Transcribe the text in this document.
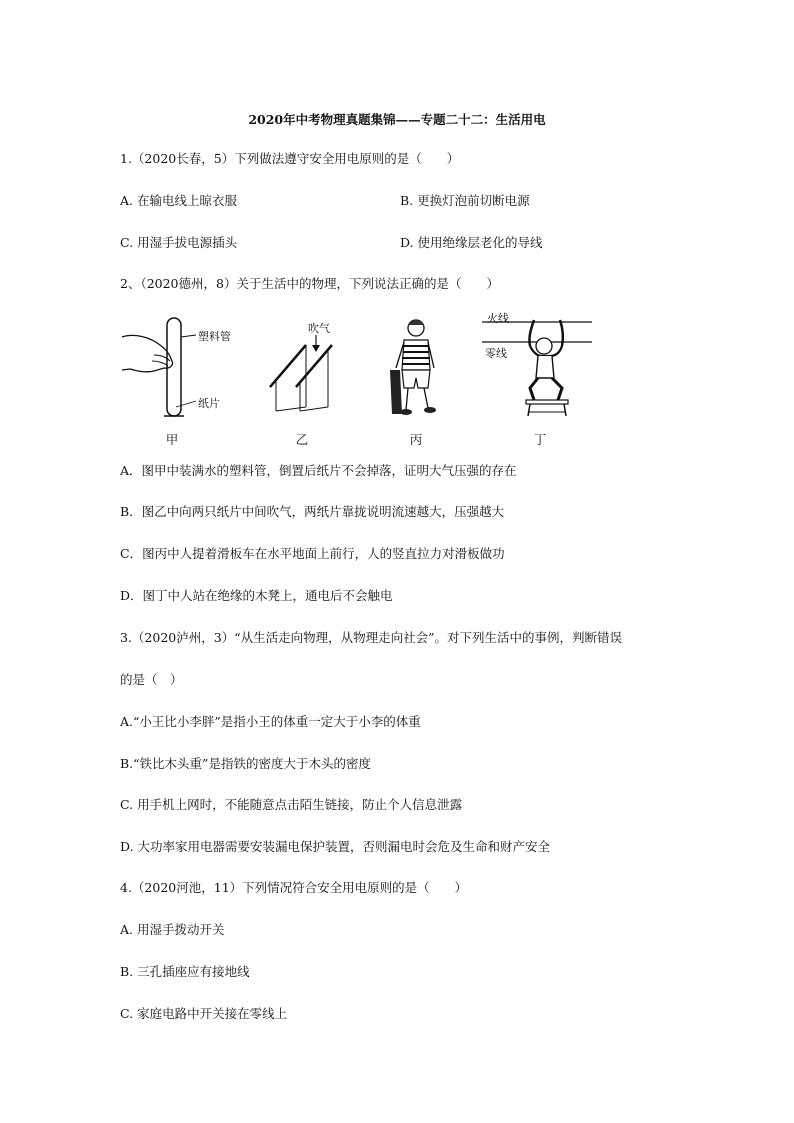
2020年中考物理真题集锦——专题二十二：生活用电
1.（2020长春，5）下列做法遵守安全用电原则的是（　　）
A. 在输电线上晾衣服	B. 更换灯泡前切断电源
C. 用湿手拔电源插头	D. 使用绝缘层老化的导线
2、（2020德州，8）关于生活中的物理，下列说法正确的是（　　）
塑料管
纸片
甲
吹气
乙	丙
火线
零线
丁
A．图甲中装满水的塑料管，倒置后纸片不会掉落，证明大气压强的存在
B．图乙中向两只纸片中间吹气，两纸片靠拢说明流速越大，压强越大
C．图丙中人提着滑板车在水平地面上前行，人的竖直拉力对滑板做功
D．图丁中人站在绝缘的木凳上，通电后不会触电
3.（2020泸州，3）“从生活走向物理，从物理走向社会”。对下列生活中的事例，判断错误
的是（　）
A.“小王比小李胖”是指小王的体重一定大于小李的体重
B.“铁比木头重”是指铁的密度大于木头的密度
C. 用手机上网时，不能随意点击陌生链接，防止个人信息泄露
D. 大功率家用电器需要安装漏电保护装置，否则漏电时会危及生命和财产安全
4.（2020河池，11）下列情况符合安全用电原则的是（　　）
A. 用湿手拨动开关
B. 三孔插座应有接地线
C. 家庭电路中开关接在零线上
